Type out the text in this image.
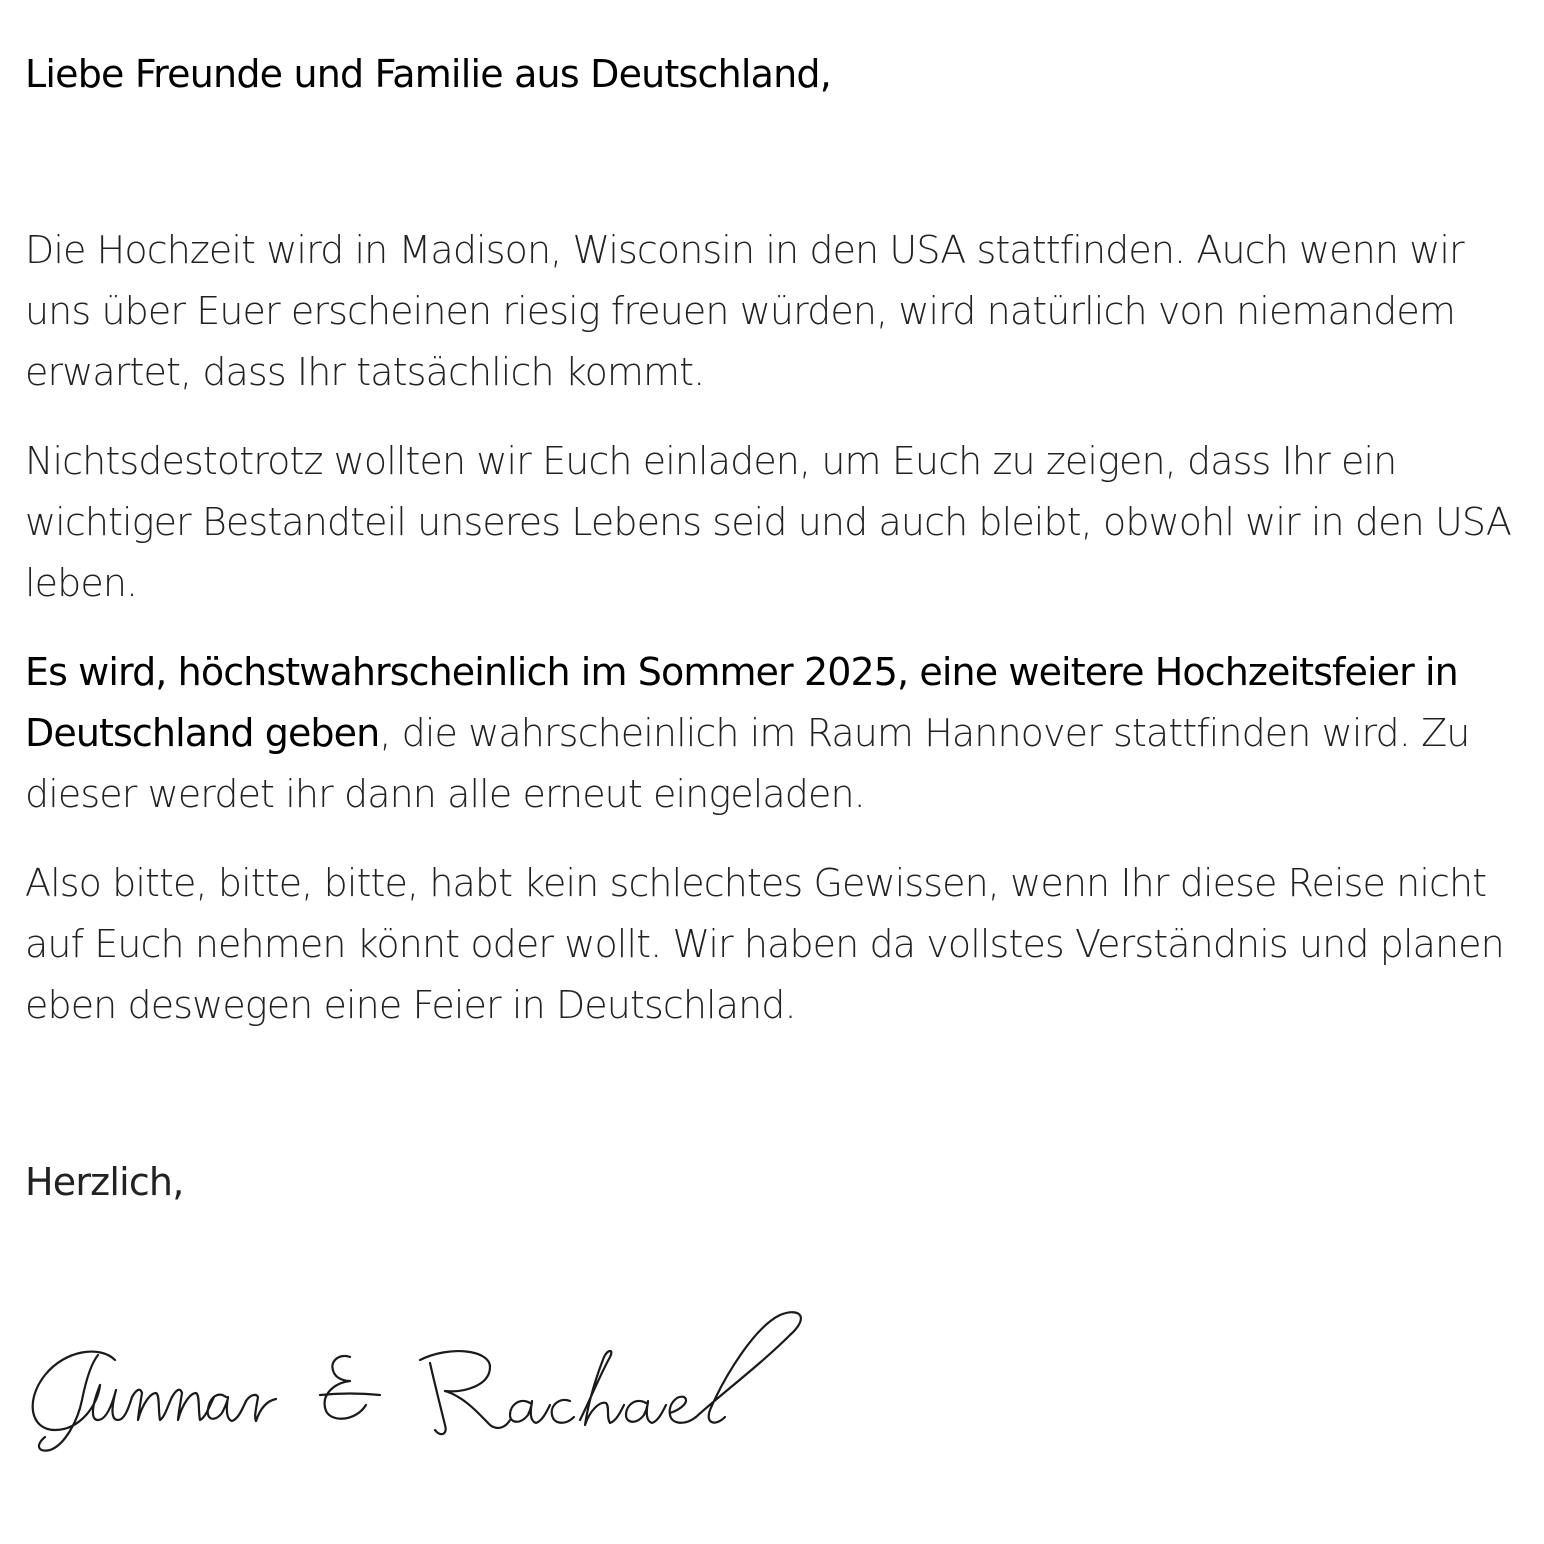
Liebe Freunde und Familie aus Deutschland,

Die Hochzeit wird in Madison, Wisconsin in den USA stattfinden. Auch wenn wir uns über Euer erscheinen riesig freuen würden, wird natürlich von niemandem erwartet, dass Ihr tatsächlich kommt.

Nichtsdestotrotz wollten wir Euch einladen, um Euch zu zeigen, dass Ihr ein wichtiger Bestandteil unseres Lebens seid und auch bleibt, obwohl wir in den USA leben.

Es wird, höchstwahrscheinlich im Sommer 2025, eine weitere Hochzeitsfeier in Deutschland geben, die wahrscheinlich im Raum Hannover stattfinden wird. Zu dieser werdet ihr dann alle erneut eingeladen.

Also bitte, bitte, bitte, habt kein schlechtes Gewissen, wenn Ihr diese Reise nicht auf Euch nehmen könnt oder wollt. Wir haben da vollstes Verständnis und planen eben deswegen eine Feier in Deutschland.

Herzlich,
